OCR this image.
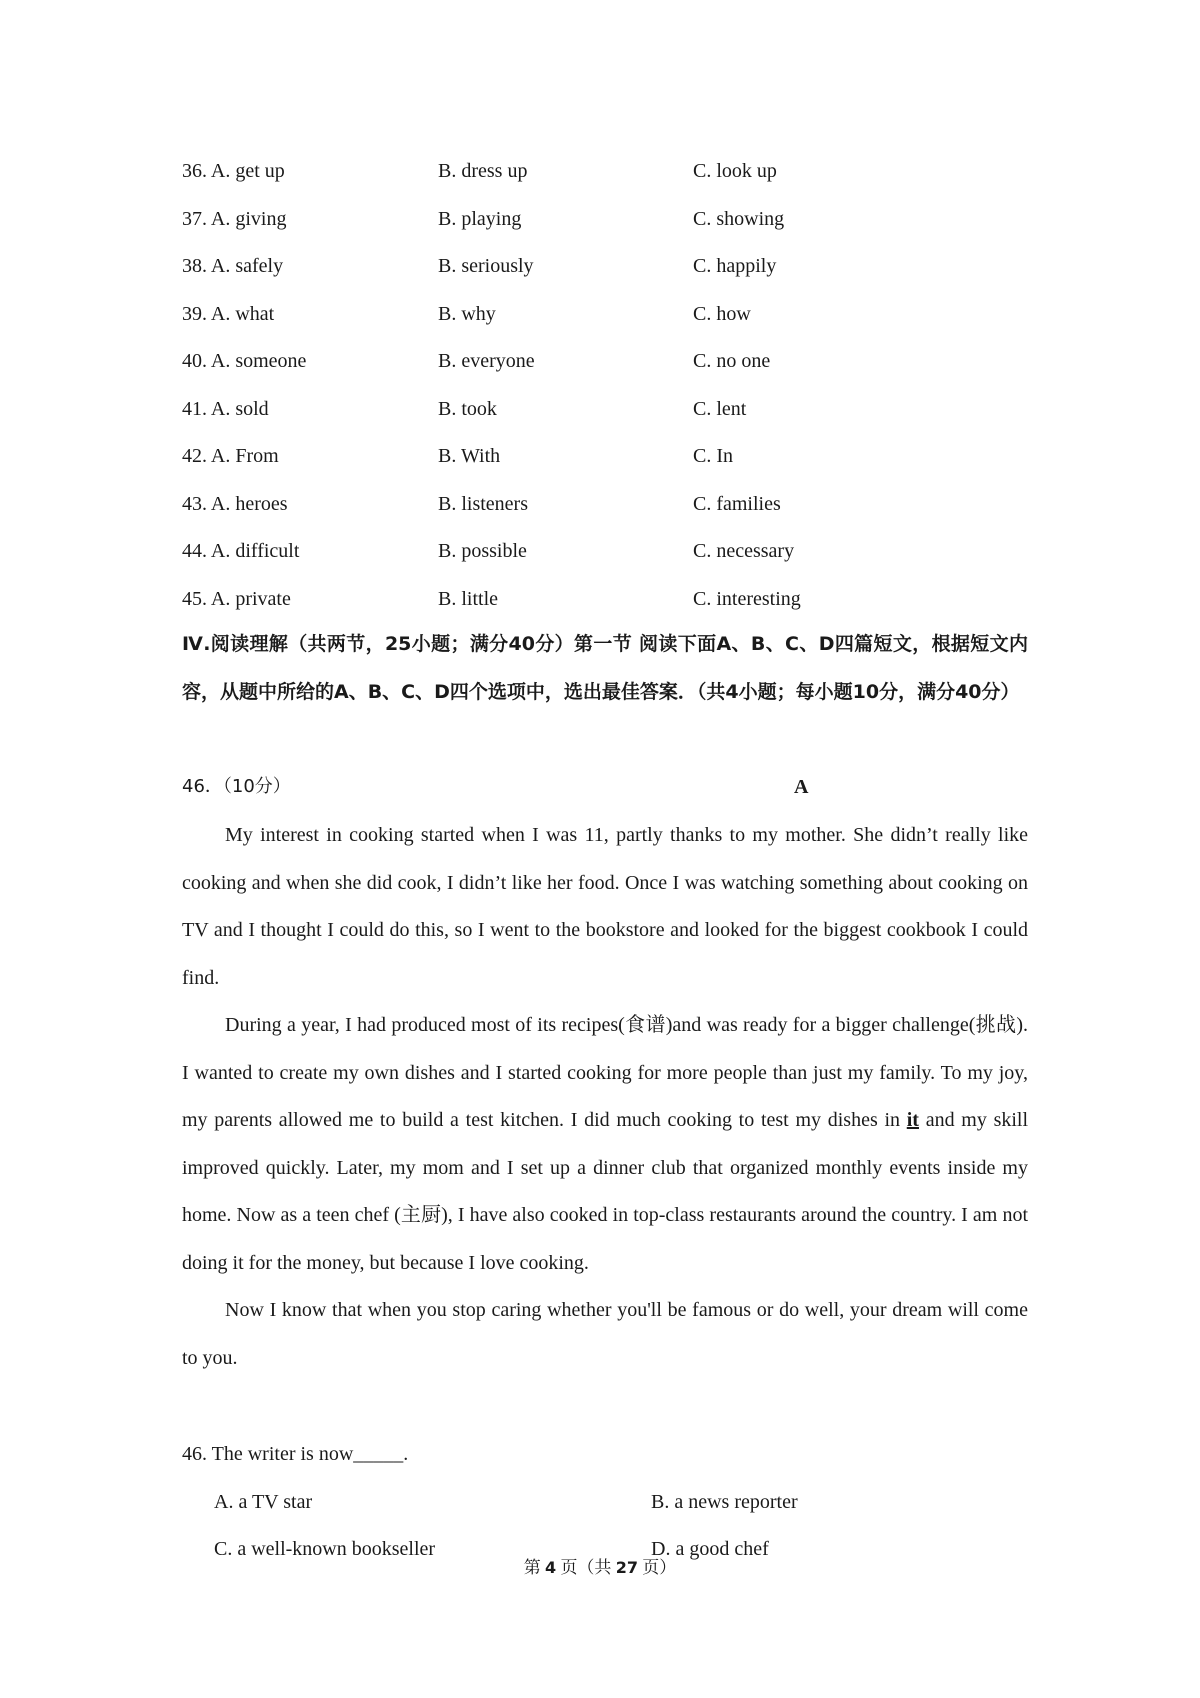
36. A. get up	B. dress up	C. look up
37. A. giving	B. playing	C. showing
38. A. safely	B. seriously	C. happily
39. A. what	B. why	C. how
40. A. someone	B. everyone	C. no one
41. A. sold	B. took	C. lent
42. A. From	B. With	C. In
43. A. heroes	B. listeners	C. families
44. A. difficult	B. possible	C. necessary
45. A. private	B. little	C. interesting
Ⅳ.阅读理解（共两节，25小题；满分40分）第一节 阅读下面A、B、C、D四篇短文，根据短文内容，从题中所给的A、B、C、D四个选项中，选出最佳答案．（共4小题；每小题10分，满分40分）
46．（10分）	A

My interest in cooking started when I was 11, partly thanks to my mother. She didn’t really like cooking and when she did cook, I didn’t like her food. Once I was watching something about cooking on TV and I thought I could do this, so I went to the bookstore and looked for the biggest cookbook I could find.

During a year, I had produced most of its recipes(食谱)and was ready for a bigger challenge(挑战). I wanted to create my own dishes and I started cooking for more people than just my family. To my joy, my parents allowed me to build a test kitchen. I did much cooking to test my dishes in it and my skill improved quickly. Later, my mom and I set up a dinner club that organized monthly events inside my home. Now as a teen chef (主厨), I have also cooked in top-class restaurants around the country. I am not doing it for the money, but because I love cooking.

Now I know that when you stop caring whether you'll be famous or do well, your dream will come to you.

46. The writer is now_____.
A. a TV star	B. a news reporter
C. a well-known bookseller	D. a good chef
第 4 页（共 27 页）
